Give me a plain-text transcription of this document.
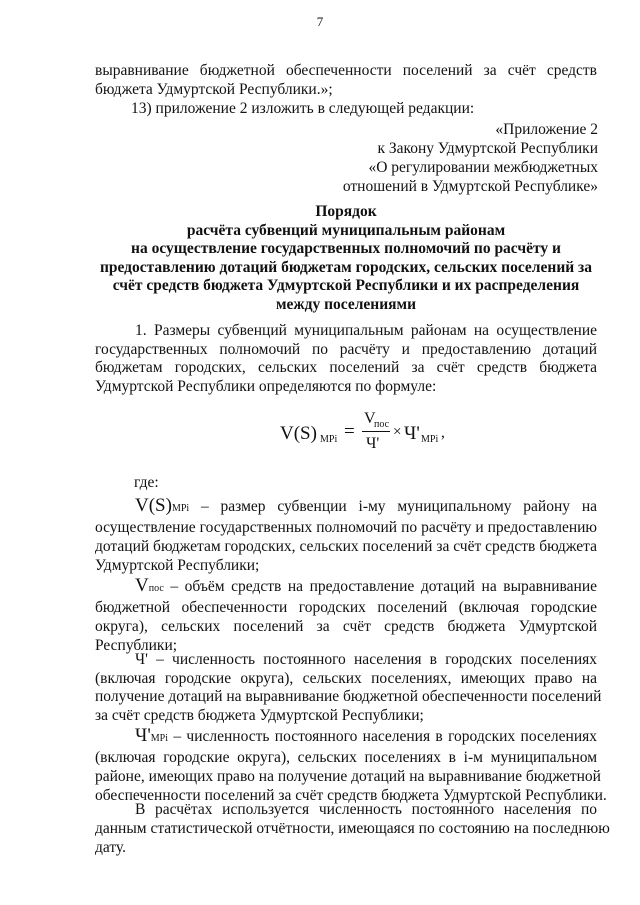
7
выравнивание бюджетной обеспеченности поселений за счёт средств
бюджета Удмуртской Республики.»;
13) приложение 2 изложить в следующей редакции:
«Приложение 2
к Закону Удмуртской Республики
«О регулировании межбюджетных
отношений в Удмуртской Республике»
Порядок
расчёта субвенций муниципальным районам
на осуществление государственных полномочий по расчёту и
предоставлению дотаций бюджетам городских, сельских поселений за
счёт средств бюджета Удмуртской Республики и их распределения
между поселениями
1. Размеры субвенций муниципальным районам на осуществление
государственных полномочий по расчёту и предоставлению дотаций
бюджетам городских, сельских поселений за счёт средств бюджета
Удмуртской Республики определяются по формуле:
V(S) MPi =
V
пос
Ч'
× Ч' MPi ,
где:
V(S)MPi – размер субвенции i-му муниципальному району на
осуществление государственных полномочий по расчёту и предоставлению
дотаций бюджетам городских, сельских поселений за счёт средств бюджета
Удмуртской Республики;
Vпос – объём средств на предоставление дотаций на выравнивание
бюджетной обеспеченности городских поселений (включая городские
округа), сельских поселений за счёт средств бюджета Удмуртской
Республики;
Ч' – численность постоянного населения в городских поселениях
(включая городские округа), сельских поселениях, имеющих право на
получение дотаций на выравнивание бюджетной обеспеченности поселений
за счёт средств бюджета Удмуртской Республики;
Ч'MPi – численность постоянного населения в городских поселениях
(включая городские округа), сельских поселениях в i-м муниципальном
районе, имеющих право на получение дотаций на выравнивание бюджетной
обеспеченности поселений за счёт средств бюджета Удмуртской Республики.
В расчётах используется численность постоянного населения по
данным статистической отчётности, имеющаяся по состоянию на последнюю
дату.
